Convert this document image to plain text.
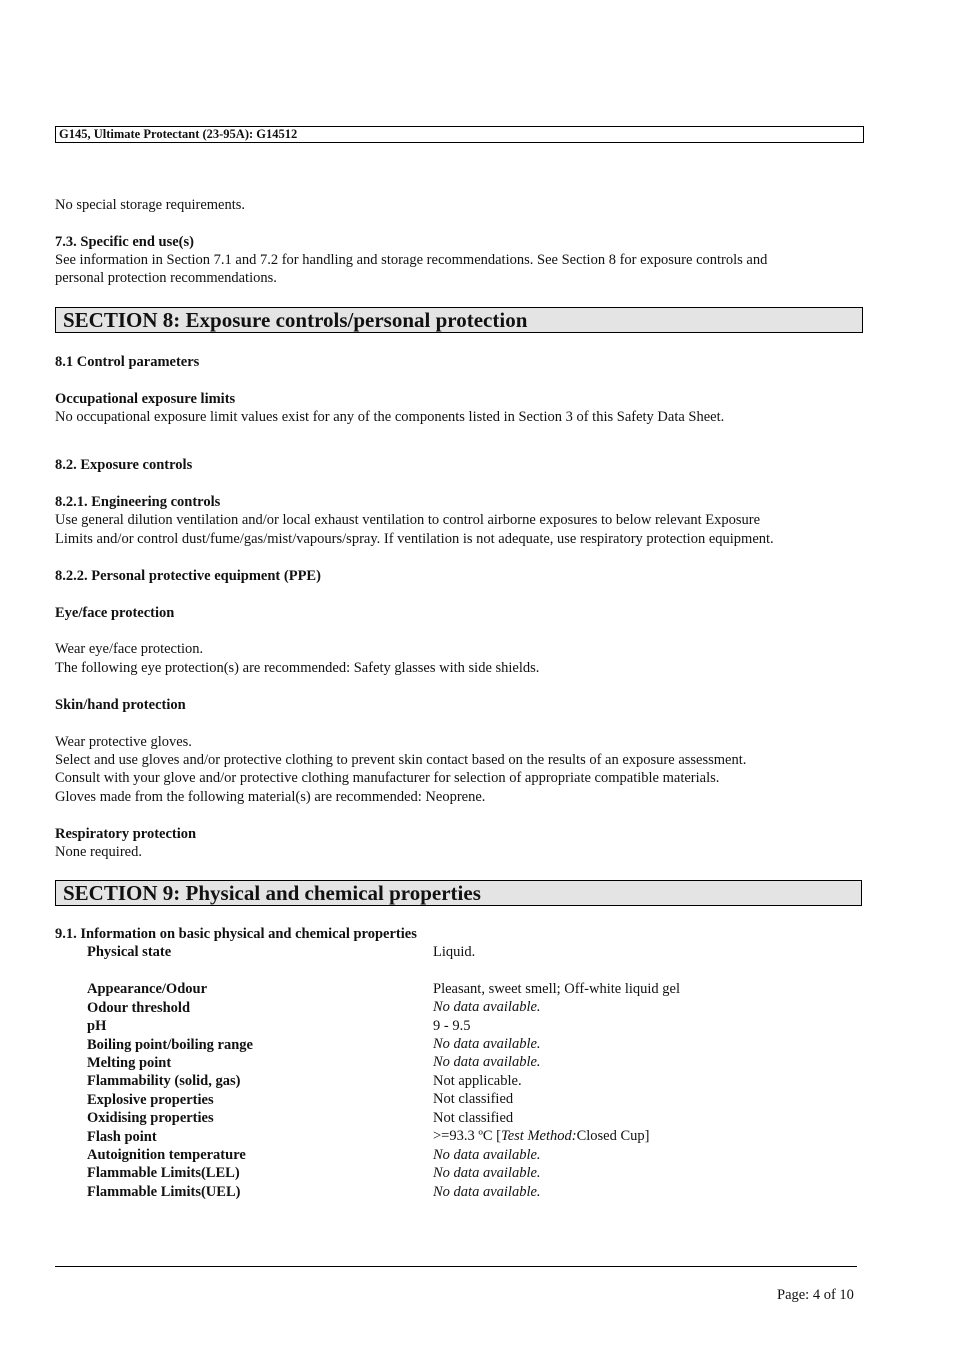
G145, Ultimate Protectant (23-95A): G14512
No special storage requirements.
7.3. Specific end use(s)
See information in Section 7.1 and 7.2 for handling and storage recommendations. See Section 8 for exposure controls and
personal protection recommendations.
SECTION 8: Exposure controls/personal protection
8.1 Control parameters
Occupational exposure limits
No occupational exposure limit values exist for any of the components listed in Section 3 of this Safety Data Sheet.
8.2. Exposure controls
8.2.1. Engineering controls
Use general dilution ventilation and/or local exhaust ventilation to control airborne exposures to below relevant Exposure
Limits and/or control dust/fume/gas/mist/vapours/spray. If ventilation is not adequate, use respiratory protection equipment.
8.2.2. Personal protective equipment (PPE)
Eye/face protection
Wear eye/face protection.
The following eye protection(s) are recommended: Safety glasses with side shields.
Skin/hand protection
Wear protective gloves.
Select and use gloves and/or protective clothing to prevent skin contact based on the results of an exposure assessment.
Consult with your glove and/or protective clothing manufacturer for selection of appropriate compatible materials.
Gloves made from the following material(s) are recommended: Neoprene.
Respiratory protection
None required.
SECTION 9: Physical and chemical properties
9.1. Information on basic physical and chemical properties
Physical state	Liquid.
Appearance/Odour	Pleasant, sweet smell; Off-white liquid gel
Odour threshold	No data available.
pH	9 - 9.5
Boiling point/boiling range	No data available.
Melting point	No data available.
Flammability (solid, gas)	Not applicable.
Explosive properties	Not classified
Oxidising properties	Not classified
Flash point	>=93.3 ºC [Test Method:Closed Cup]
Autoignition temperature	No data available.
Flammable Limits(LEL)	No data available.
Flammable Limits(UEL)	No data available.
Page: 4 of 10
